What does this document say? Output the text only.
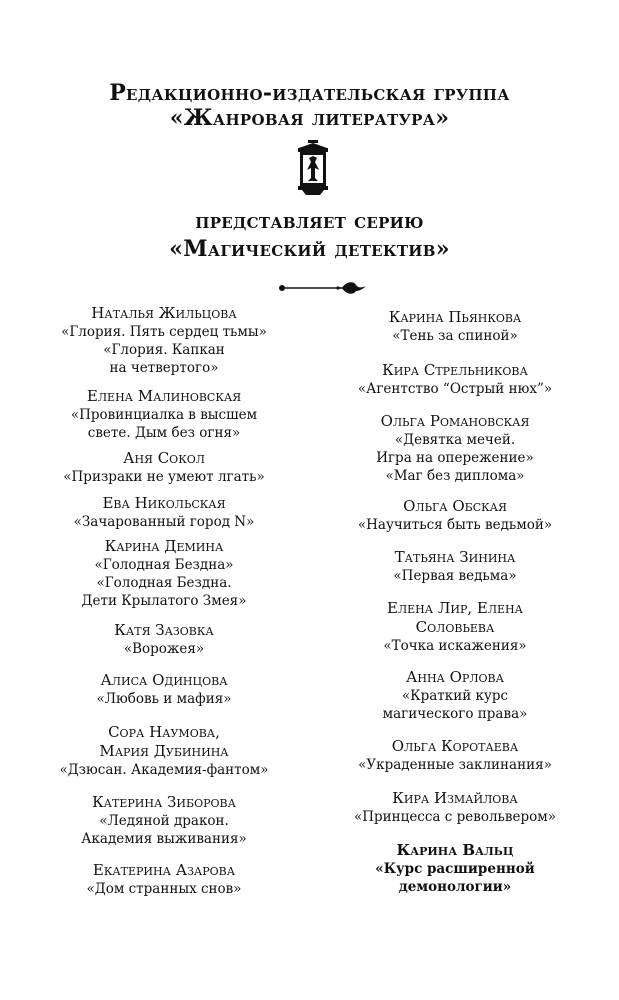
Редакционно-издательская группа
«Жанровая литература»
представляет серию
«Магический детектив»
Наталья Жильцова
«Глория. Пять сердец тьмы»
«Глория. Капкан
на четвертого»
Елена Малиновская
«Провинциалка в высшем
свете. Дым без огня»
Аня Сокол
«Призраки не умеют лгать»
Ева Никольская
«Зачарованный город N»
Карина Демина
«Голодная Бездна»
«Голодная Бездна.
Дети Крылатого Змея»
Катя Зазовка
«Ворожея»
Алиса Одинцова
«Любовь и мафия»
Сора Наумова,
Мария Дубинина
«Дзюсан. Академия-фантом»
Катерина Зиборова
«Ледяной дракон.
Академия выживания»
Екатерина Азарова
«Дом странных снов»
Карина Пьянкова
«Тень за спиной»
Кира Стрельникова
«Агентство “Острый нюх”»
Ольга Романовская
«Девятка мечей.
Игра на опережение»
«Маг без диплома»
Ольга Обская
«Научиться быть ведьмой»
Татьяна Зинина
«Первая ведьма»
Елена Лир, Елена
Соловьева
«Точка искажения»
Анна Орлова
«Краткий курс
магического права»
Ольга Коротаева
«Украденные заклинания»
Кира Измайлова
«Принцесса с револьвером»
Карина Вальц
«Курс расширенной
демонологии»
